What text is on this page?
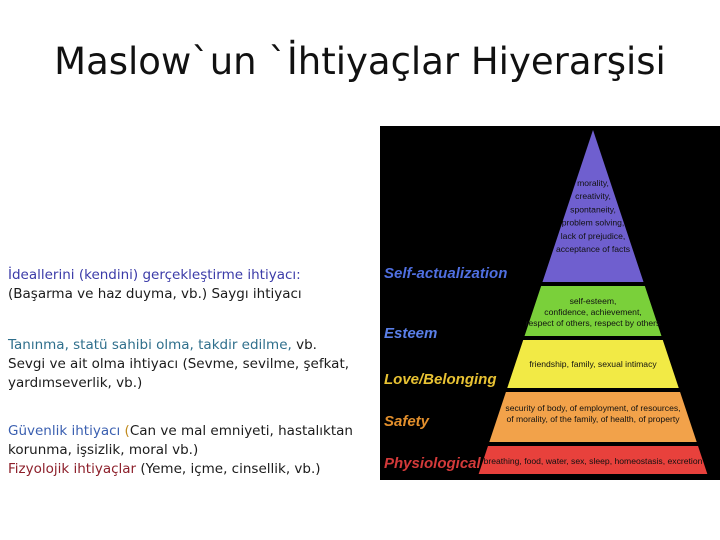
Maslow`un `İhtiyaçlar Hiyerarşisi
İdeallerini (kendini) gerçekleştirme ihtiyacı:
(Başarma ve haz duyma, vb.) Saygı ihtiyacı
Tanınma, statü sahibi olma, takdir edilme, vb.
Sevgi ve ait olma ihtiyacı (Sevme, sevilme, şefkat, yardımseverlik, vb.)
Güvenlik ihtiyacı (Can ve mal emniyeti, hastalıktan korunma, işsizlik, moral vb.)
Fizyolojik ihtiyaçlar (Yeme, içme, cinsellik, vb.)
morality,
creativity,
spontaneity,
problem solving,
lack of prejudice,
acceptance of facts
Self-actualization
self-esteem,
confidence, achievement,
respect of others, respect by others
Esteem
friendship, family, sexual intimacy
Love/Belonging
security of body, of employment, of resources,
of morality, of the family, of health, of property
Safety
breathing, food, water, sex, sleep, homeostasis, excretion
Physiological
